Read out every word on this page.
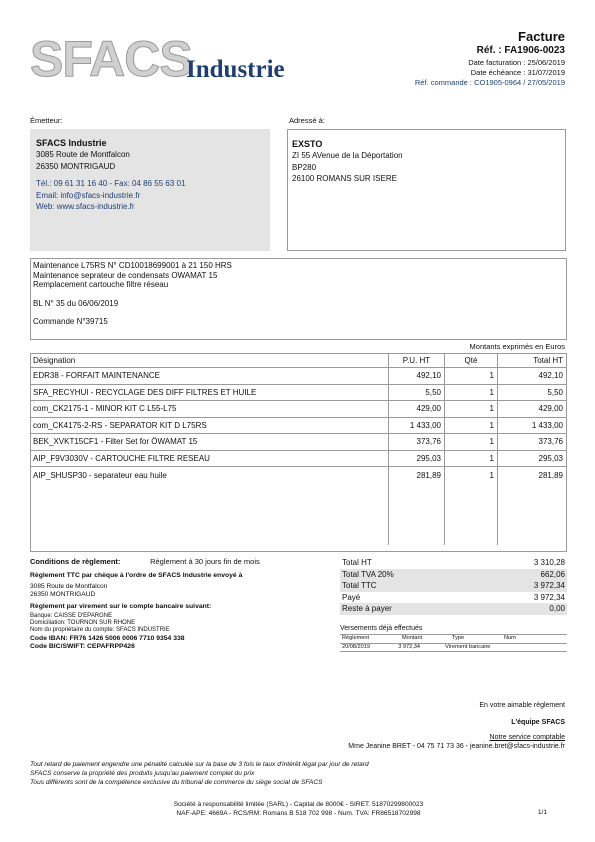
SFACS
Industrie
Facture
Réf. : FA1906-0023
Date facturation : 25/06/2019
Date échéance : 31/07/2019
Réf. commande : CO1905-0964 / 27/05/2019
Émetteur:
SFACS Industrie
3085 Route de Montfalcon
26350 MONTRIGAUD
Tél.: 09 61 31 16 40 - Fax: 04 86 55 63 01
Email: info@sfacs-industrie.fr
Web: www.sfacs-industrie.fr
Adressé à:
EXSTO
ZI 55 AVenue de la Déportation
BP280
26100 ROMANS SUR ISERE
Maintenance L75RS N° CD10018699001 à 21 150 HRS
Maintenance seprateur de condensats OWAMAT 15
Remplacement cartouche filtre réseau
BL N° 35 du 06/06/2019
Commande N°39715
Montants exprimés en Euros
Désignation	P.U. HT	Qté	Total HT
EDR38 - FORFAIT MAINTENANCE	492,10	1	492,10
SFA_RECYHUI - RECYCLAGE DES DIFF FILTRES ET HUILE	5,50	1	5,50
com_CK2175-1 - MINOR KIT C L55-L75	429,00	1	429,00
com_CK4175-2-RS - SEPARATOR KIT D L75RS	1 433,00	1	1 433,00
BEK_XVKT15CF1 - Filter Set for ÖWAMAT 15	373,76	1	373,76
AIP_F9V3030V - CARTOUCHE FILTRE RESEAU	295,03	1	295,03
AIP_SHUSP30 - separateur eau huile	281,89	1	281,89
Conditions de règlement:	Règlement à 30 jours fin de mois
Règlement TTC par chèque à l'ordre de SFACS Industrie envoyé à
3085 Route de Montfalcon
26350 MONTRIGAUD
Règlement par virement sur le compte bancaire suivant:
Banque: CAISSE D'EPARGNE
Domiciliation: TOURNON SUR RHONE
Nom du propriétaire du compte: SFACS INDUSTRIE
Code IBAN: FR76 1426 5006 0006 7710 9354 338
Code BIC/SWIFT: CEPAFRPP426
Total HT	3 310,28
Total TVA 20%	662,06
Total TTC	3 972,34
Payé	3 972,34
Reste à payer	0,00
Versements déjà effectués
Règlement	Montant	Type	Num
20/08/2019	3 972,34	Virement bancaire
En votre aimable règlement
L'équipe SFACS
Notre service comptable
Mme Jeanine BRET - 04 75 71 73 36 - jeanine.bret@sfacs-industrie.fr
Tout retard de paiement engendre une pénalité calculée sur la base de 3 fois le taux d'intérêt légal par jour de retard
SFACS conserve la propriété des produits jusqu'au paiement complet du prix
Tous différents sont de la compétence exclusive du tribunal de commerce du siège social de SFACS
Société à responsabilité limitée (SARL) - Capital de 8000€ - SIRET: 51870299800023
NAF-APE: 4669A - RCS/RM: Romans B 518 702 998 - Num. TVA: FR86518702998	1/1
